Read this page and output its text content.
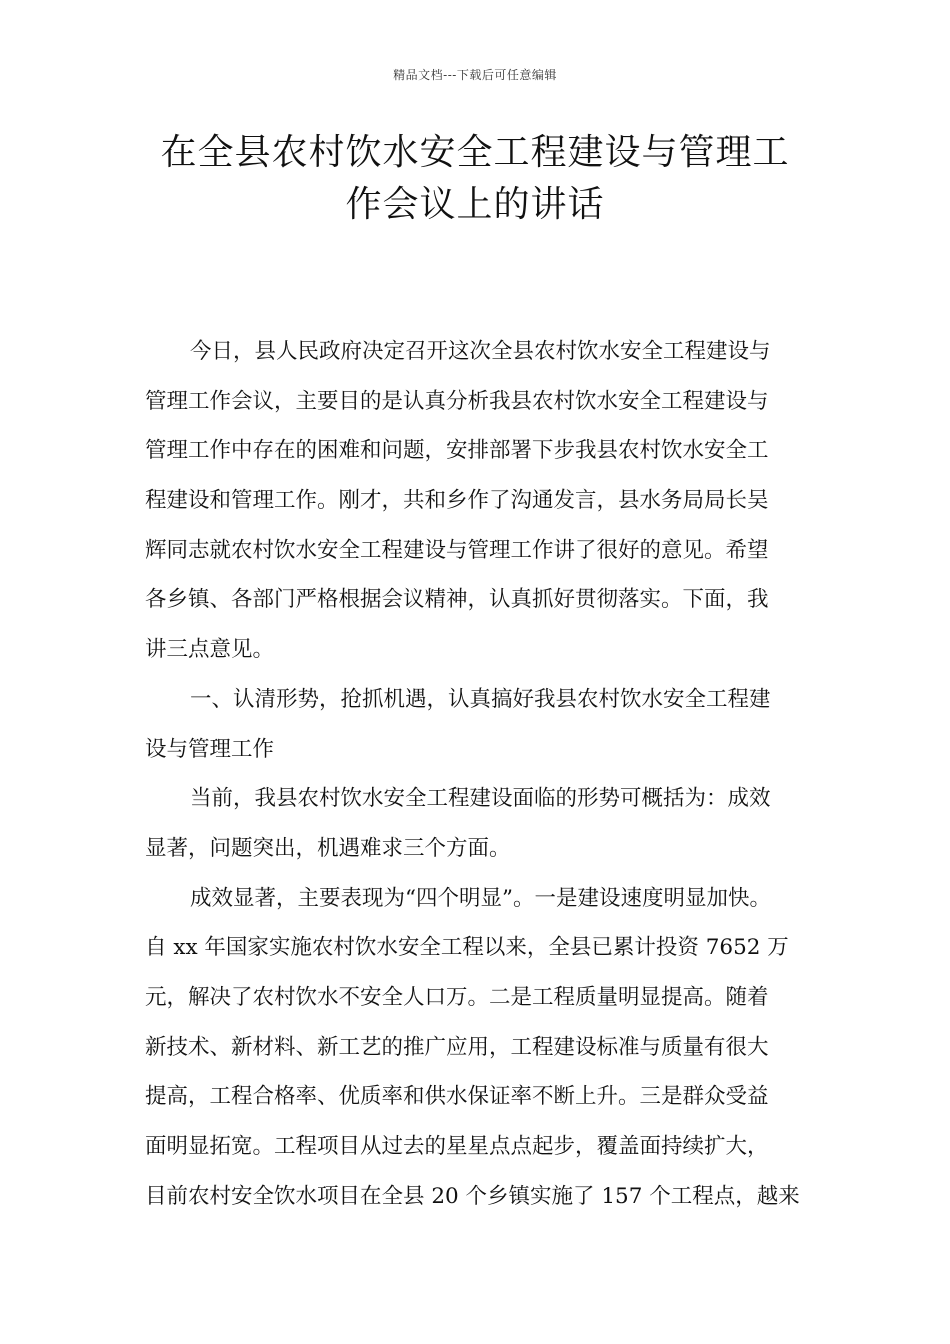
精品文档---下载后可任意编辑
在全县农村饮水安全工程建设与管理工
作会议上的讲话
今日，县人民政府决定召开这次全县农村饮水安全工程建设与
管理工作会议，主要目的是认真分析我县农村饮水安全工程建设与
管理工作中存在的困难和问题，安排部署下步我县农村饮水安全工
程建设和管理工作。刚才，共和乡作了沟通发言，县水务局局长吴
辉同志就农村饮水安全工程建设与管理工作讲了很好的意见。希望
各乡镇、各部门严格根据会议精神，认真抓好贯彻落实。下面，我
讲三点意见。
一、认清形势，抢抓机遇，认真搞好我县农村饮水安全工程建
设与管理工作
当前，我县农村饮水安全工程建设面临的形势可概括为：成效
显著，问题突出，机遇难求三个方面。
成效显著，主要表现为“四个明显”。一是建设速度明显加快。
自 xx 年国家实施农村饮水安全工程以来，全县已累计投资 7652 万
元，解决了农村饮水不安全人口万。二是工程质量明显提高。随着
新技术、新材料、新工艺的推广应用，工程建设标准与质量有很大
提高，工程合格率、优质率和供水保证率不断上升。三是群众受益
面明显拓宽。工程项目从过去的星星点点起步，覆盖面持续扩大，
目前农村安全饮水项目在全县 20 个乡镇实施了 157 个工程点，越来
